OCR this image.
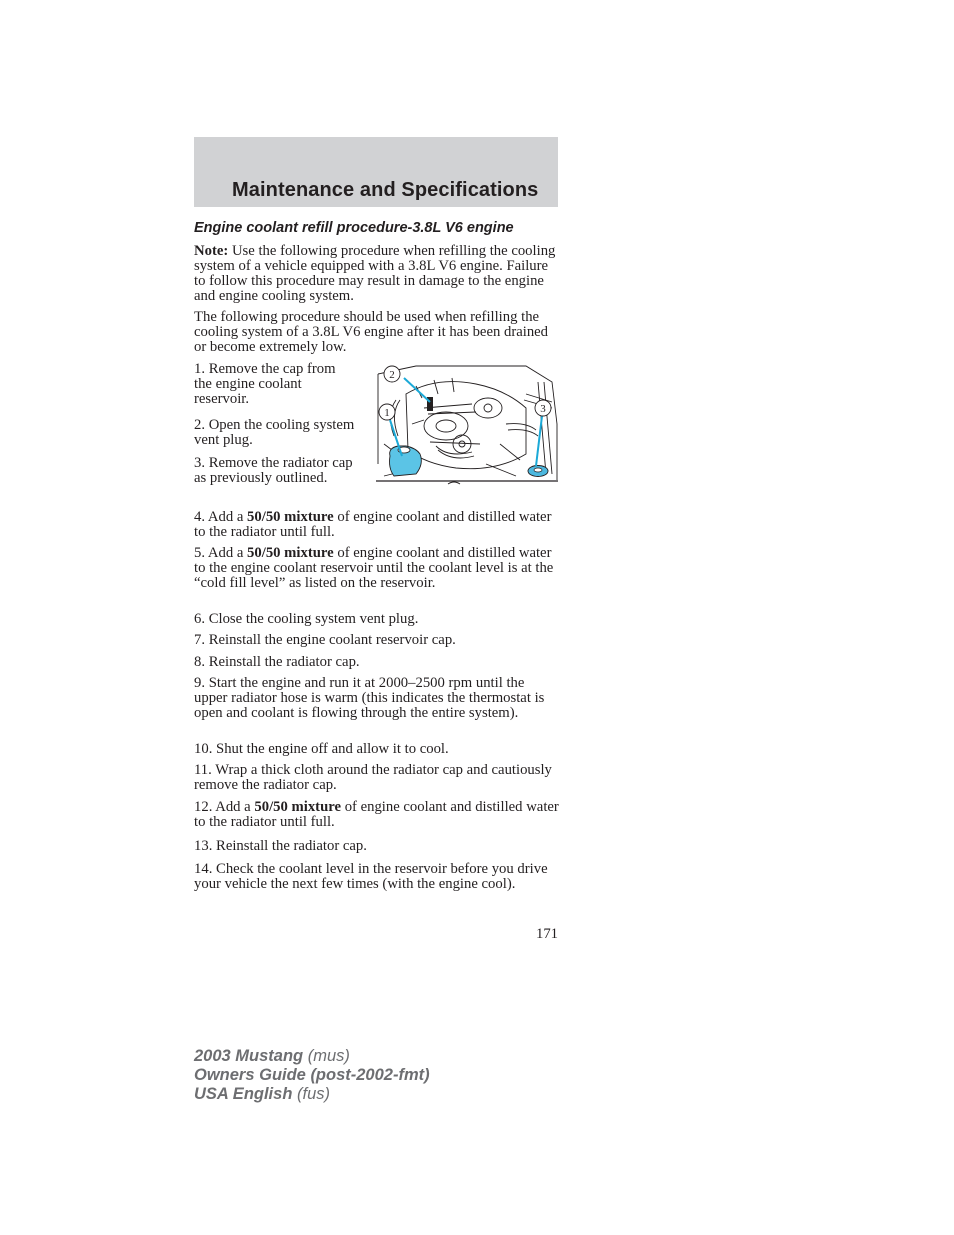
Maintenance and Specifications
Engine coolant refill procedure-3.8L V6 engine

Note: Use the following procedure when refilling the cooling system of a vehicle equipped with a 3.8L V6 engine. Failure to follow this procedure may result in damage to the engine and engine cooling system.

The following procedure should be used when refilling the cooling system of a 3.8L V6 engine after it has been drained or become extremely low.

1. Remove the cap from the engine coolant reservoir.

2. Open the cooling system vent plug.

3. Remove the radiator cap as previously outlined.

1
2
3

4. Add a 50/50 mixture of engine coolant and distilled water to the radiator until full.

5. Add a 50/50 mixture of engine coolant and distilled water to the engine coolant reservoir until the coolant level is at the “cold fill level” as listed on the reservoir.

6. Close the cooling system vent plug.

7. Reinstall the engine coolant reservoir cap.

8. Reinstall the radiator cap.

9. Start the engine and run it at 2000–2500 rpm until the upper radiator hose is warm (this indicates the thermostat is open and coolant is flowing through the entire system).

10. Shut the engine off and allow it to cool.

11. Wrap a thick cloth around the radiator cap and cautiously remove the radiator cap.

12. Add a 50/50 mixture of engine coolant and distilled water to the radiator until full.

13. Reinstall the radiator cap.

14. Check the coolant level in the reservoir before you drive your vehicle the next few times (with the engine cool).

171
2003 Mustang (mus)
Owners Guide (post-2002-fmt)
USA English (fus)
